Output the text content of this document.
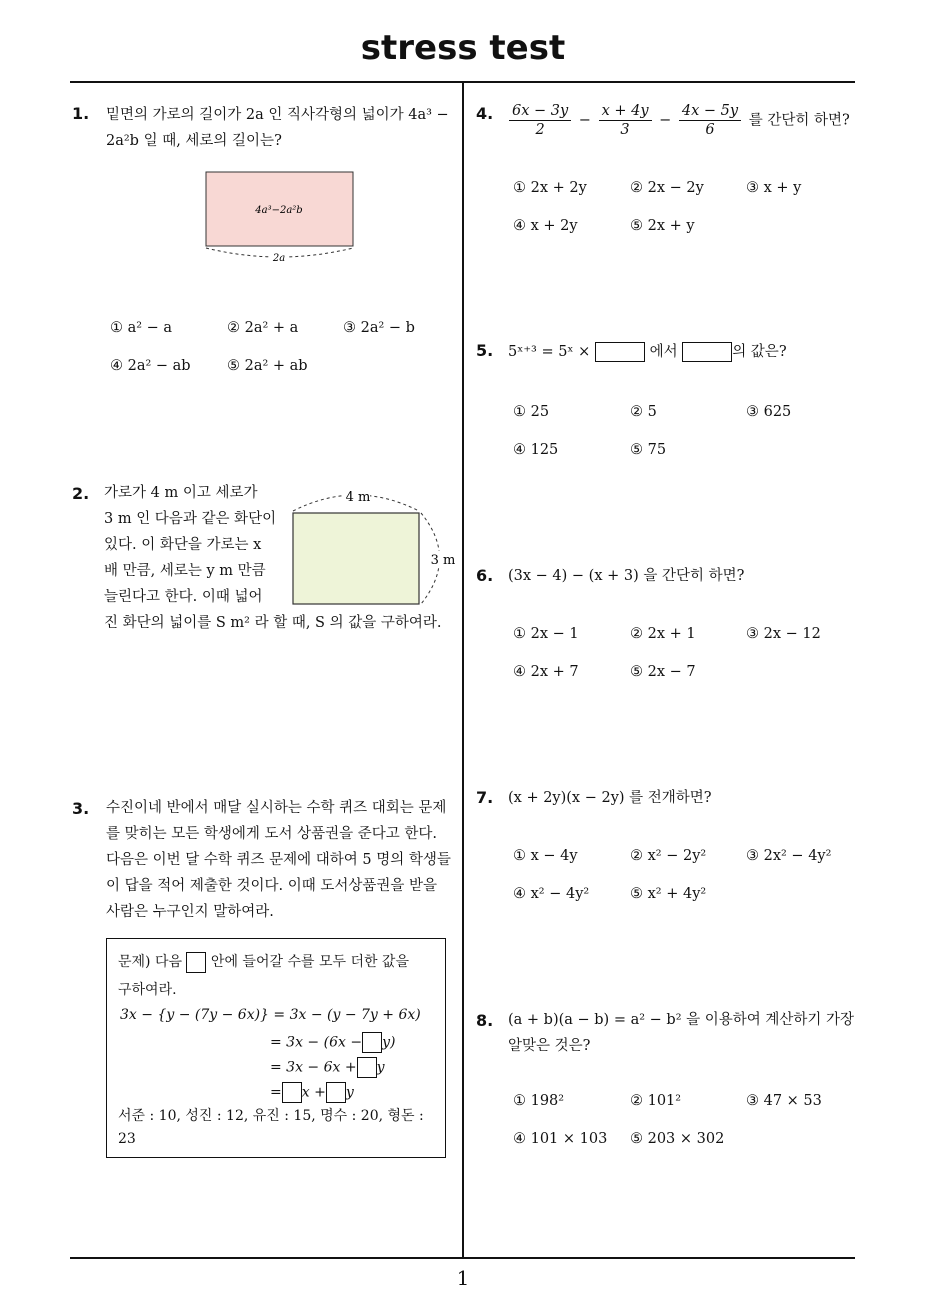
stress test
1
1. 밑면의 가로의 길이가 2a 인 직사각형의 넓이가 4a³ −
2a²b 일 때, 세로의 길이는?
4a³−2a²b
2a
① a² − a	② 2a² + a	③ 2a² − b
④ 2a² − ab	⑤ 2a² + ab
2. 가로가 4 m 이고 세로가
3 m 인 다음과 같은 화단이
있다. 이 화단을 가로는 x
배 만큼, 세로는 y m 만큼
늘린다고 한다. 이때 넓어
진 화단의 넓이를 S m² 라 할 때, S 의 값을 구하여라.
4 m
3 m
3. 수진이네 반에서 매달 실시하는 수학 퀴즈 대회는 문제
를 맞히는 모든 학생에게 도서 상품권을 준다고 한다.
다음은 이번 달 수학 퀴즈 문제에 대하여 5 명의 학생들
이 답을 적어 제출한 것이다. 이때 도서상품권을 받을
사람은 누구인지 말하여라.
문제) 다음 안에 들어갈 수를 모두 더한 값을
구하여라.
3x − {y − (7y − 6x)} = 3x − (y − 7y + 6x)
= 3x − (6x − y)
= 3x − 6x + y
= x + y
서준 : 10, 성진 : 12, 유진 : 15, 명수 : 20, 형돈 :
23
4. $\frac{6x - 3y}{2} - \frac{x + 4y}{3} - \frac{4x - 5y}{6}$ 를 간단히 하면?
① 2x + 2y	② 2x − 2y	③ x + y
④ x + 2y	⑤ 2x + y
5. 5ˣ⁺³ = 5ˣ ×	에서	의 값은?
① 25	② 5	③ 625
④ 125	⑤ 75
6. (3x − 4) − (x + 3) 을 간단히 하면?
① 2x − 1	② 2x + 1	③ 2x − 12
④ 2x + 7	⑤ 2x − 7
7. (x + 2y)(x − 2y) 를 전개하면?
① x − 4y	② x² − 2y²	③ 2x² − 4y²
④ x² − 4y²	⑤ x² + 4y²
8. (a + b)(a − b) = a² − b² 을 이용하여 계산하기 가장
알맞은 것은?
① 198²	② 101²	③ 47 × 53
④ 101 × 103 ⑤ 203 × 302
